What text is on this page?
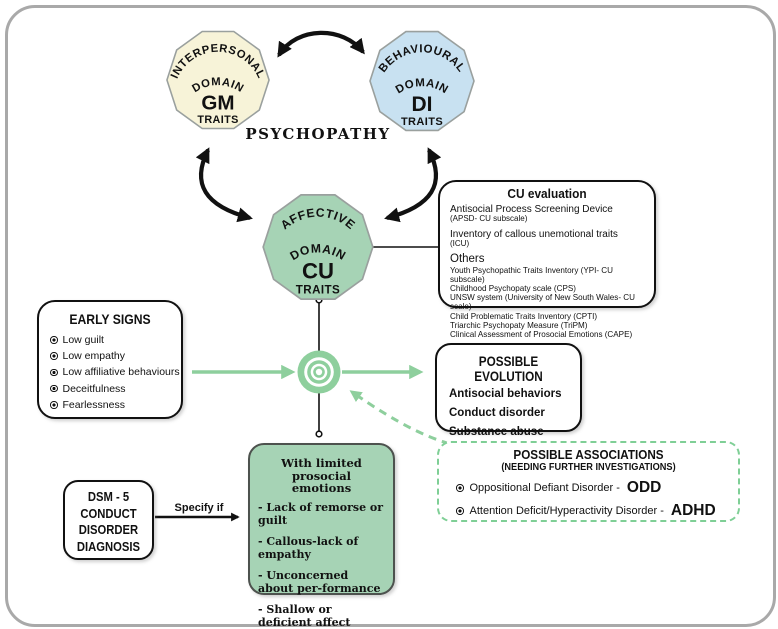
INTERPERSONAL
DOMAIN
GM
TRAITS
BEHAVIOURAL
DOMAIN
DI
TRAITS
AFFECTIVE
DOMAIN
CU
TRAITS
PSYCHOPATHY
CU evaluation
Antisocial Process Screening Device
(APSD- CU subscale)
Inventory of callous unemotional traits
(ICU)
Others
Youth Psychopathic Traits Inventory (YPI- CU subscale)
Childhood Psychopaty scale (CPS)
UNSW system (University of New South Wales- CU scale)
Child Problematic Traits Inventory (CPTI)
Triarchic Psychopaty Measure (TriPM)
Clinical Assessment of Prosocial Emotions (CAPE)
EARLY SIGNS
Low guilt
Low empathy
Low affiliative behaviours
Deceitfulness
Fearlessness
POSSIBLE EVOLUTION
Antisocial behaviors
Conduct disorder
Substance abuse
POSSIBLE ASSOCIATIONS
(NEEDING FURTHER INVESTIGATIONS)
Oppositional Defiant Disorder - ODD
Attention Deficit/Hyperactivity Disorder - ADHD
DSM - 5
CONDUCT
DISORDER
DIAGNOSIS
Specify if
With limited prosocial
emotions
- Lack of remorse or guilt
- Callous-lack of empathy
- Unconcerned about per-formance
- Shallow or deficient affect
